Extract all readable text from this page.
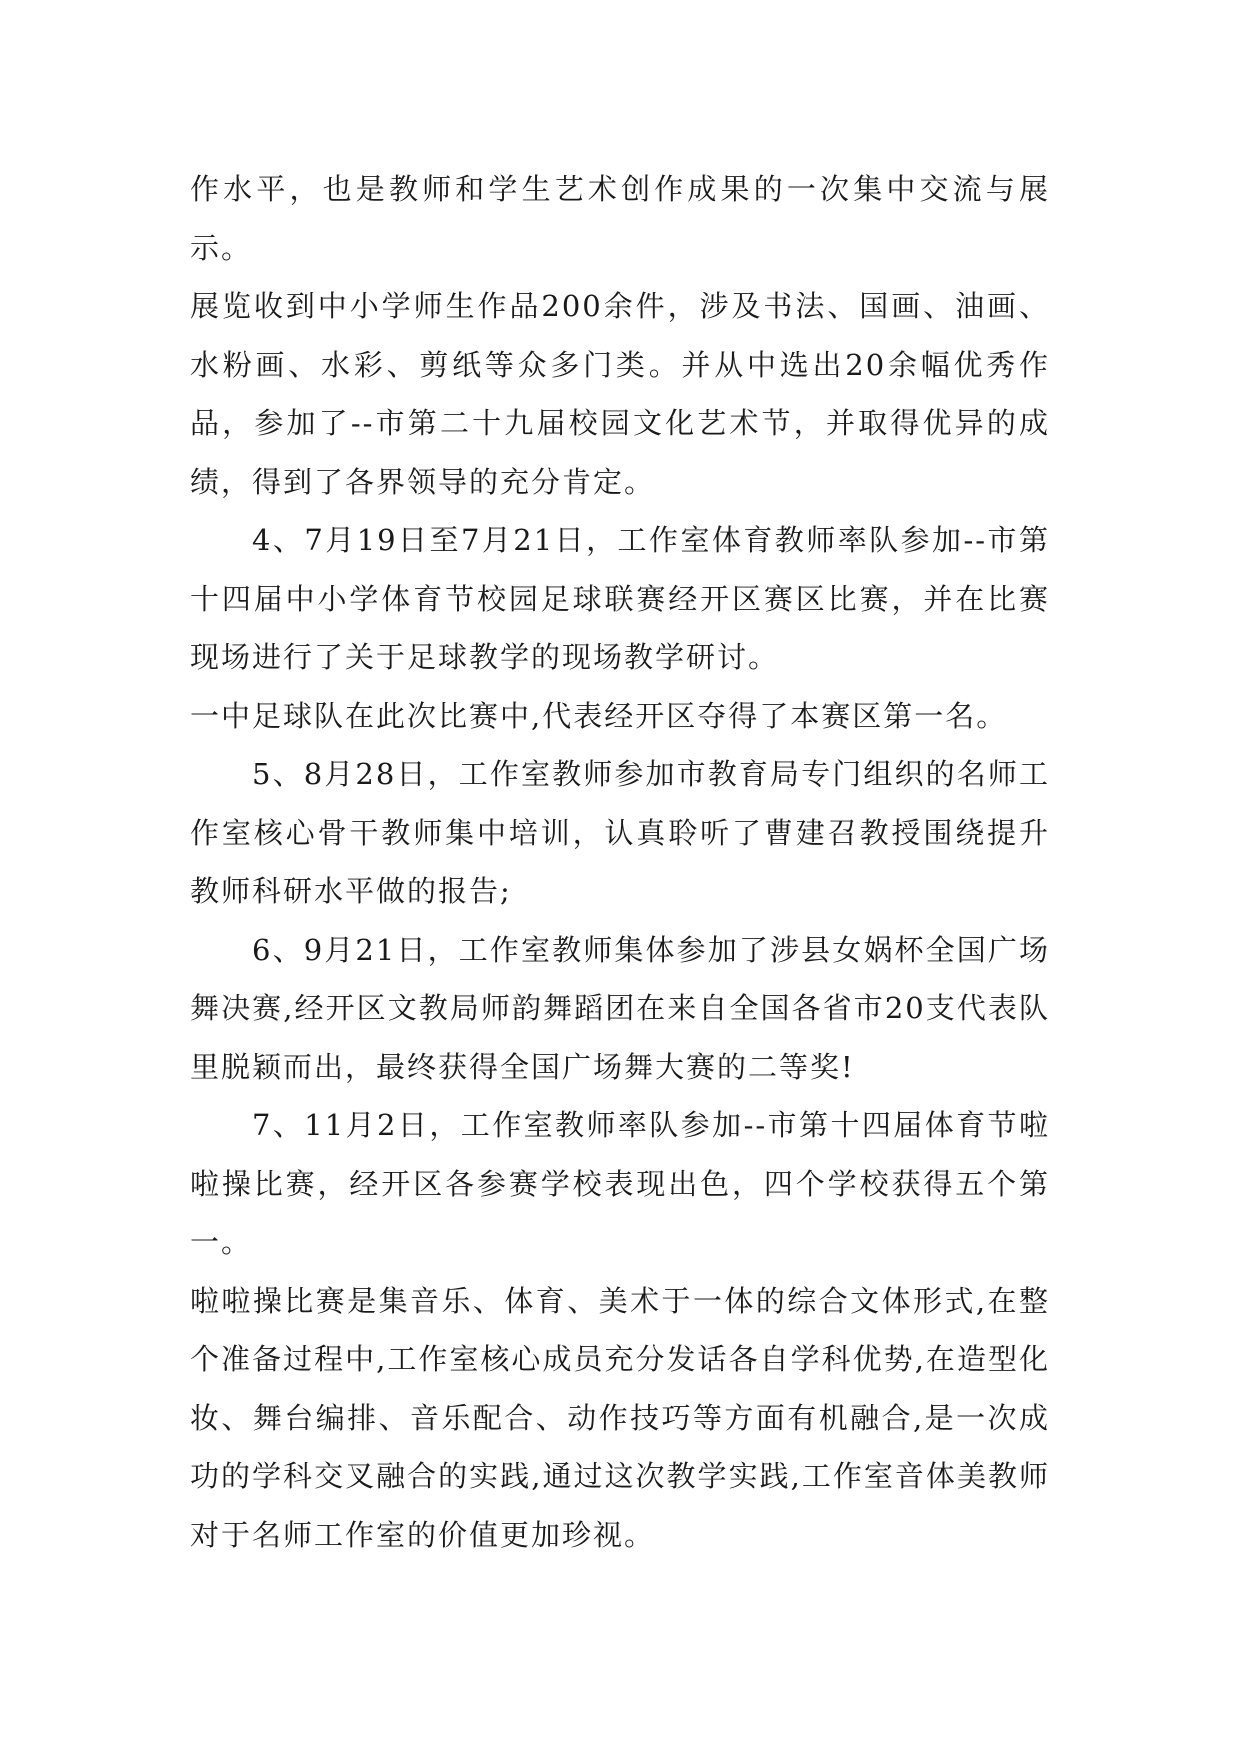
作水平，也是教师和学生艺术创作成果的一次集中交流与展示。

展览收到中小学师生作品200余件，涉及书法、国画、油画、水粉画、水彩、剪纸等众多门类。并从中选出20余幅优秀作品，参加了--市第二十九届校园文化艺术节，并取得优异的成绩，得到了各界领导的充分肯定。

4、7月19日至7月21日，工作室体育教师率队参加--市第十四届中小学体育节校园足球联赛经开区赛区比赛，并在比赛现场进行了关于足球教学的现场教学研讨。

一中足球队在此次比赛中,代表经开区夺得了本赛区第一名。

5、8月28日，工作室教师参加市教育局专门组织的名师工作室核心骨干教师集中培训，认真聆听了曹建召教授围绕提升教师科研水平做的报告;

6、9月21日，工作室教师集体参加了涉县女娲杯全国广场舞决赛,经开区文教局师韵舞蹈团在来自全国各省市20支代表队里脱颖而出，最终获得全国广场舞大赛的二等奖!

7、11月2日，工作室教师率队参加--市第十四届体育节啦啦操比赛，经开区各参赛学校表现出色，四个学校获得五个第一。

啦啦操比赛是集音乐、体育、美术于一体的综合文体形式,在整个准备过程中,工作室核心成员充分发话各自学科优势,在造型化妆、舞台编排、音乐配合、动作技巧等方面有机融合,是一次成功的学科交叉融合的实践,通过这次教学实践,工作室音体美教师对于名师工作室的价值更加珍视。
